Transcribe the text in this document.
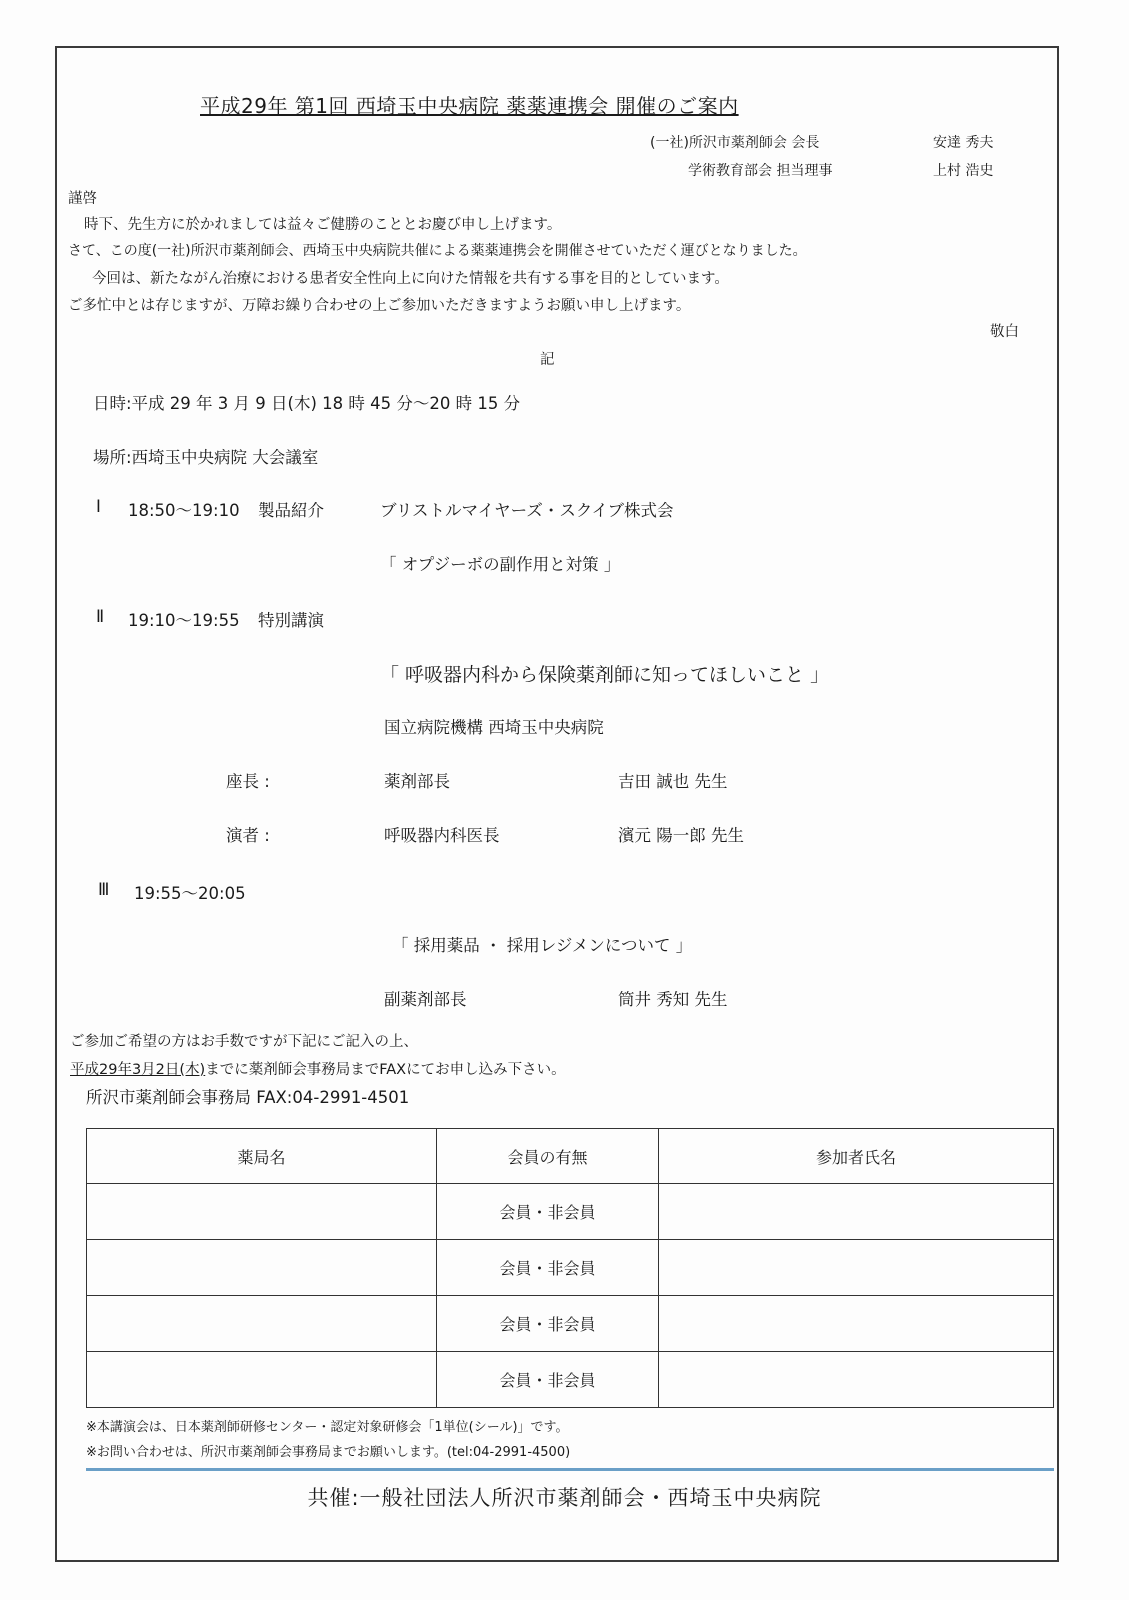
平成29年 第1回 西埼玉中央病院 薬薬連携会 開催のご案内
(一社)所沢市薬剤師会 会長	安達 秀夫
学術教育部会 担当理事	上村 浩史
謹啓
時下、先生方に於かれましては益々ご健勝のこととお慶び申し上げます。
さて、この度(一社)所沢市薬剤師会、西埼玉中央病院共催による薬薬連携会を開催させていただく運びとなりました。
今回は、新たながん治療における患者安全性向上に向けた情報を共有する事を目的としています。
ご多忙中とは存じますが、万障お繰り合わせの上ご参加いただきますようお願い申し上げます。
敬白
記
日時:平成 29 年 3 月 9 日(木) 18 時 45 分〜20 時 15 分
場所:西埼玉中央病院 大会議室
Ⅰ 18:50〜19:10 製品紹介	ブリストルマイヤーズ・スクイブ株式会
「 オプジーボの副作用と対策 」
Ⅱ 19:10〜19:55 特別講演
「 呼吸器内科から保険薬剤師に知ってほしいこと 」
国立病院機構 西埼玉中央病院
座長 :	薬剤部長	吉田 誠也 先生
演者 :	呼吸器内科医長	濱元 陽一郎 先生
Ⅲ 19:55〜20:05
「 採用薬品 ・ 採用レジメンについて 」
副薬剤部長	筒井 秀知 先生
ご参加ご希望の方はお手数ですが下記にご記入の上、
平成29年3月2日(木)までに薬剤師会事務局までFAXにてお申し込み下さい。
所沢市薬剤師会事務局 FAX:04-2991-4501
薬局名	会員の有無	参加者氏名
	会員・非会員	
	会員・非会員	
	会員・非会員	
	会員・非会員	
※本講演会は、日本薬剤師研修センター・認定対象研修会「1単位(シール)」です。
※お問い合わせは、所沢市薬剤師会事務局までお願いします。(tel:04-2991-4500)
共催:一般社団法人所沢市薬剤師会・西埼玉中央病院
